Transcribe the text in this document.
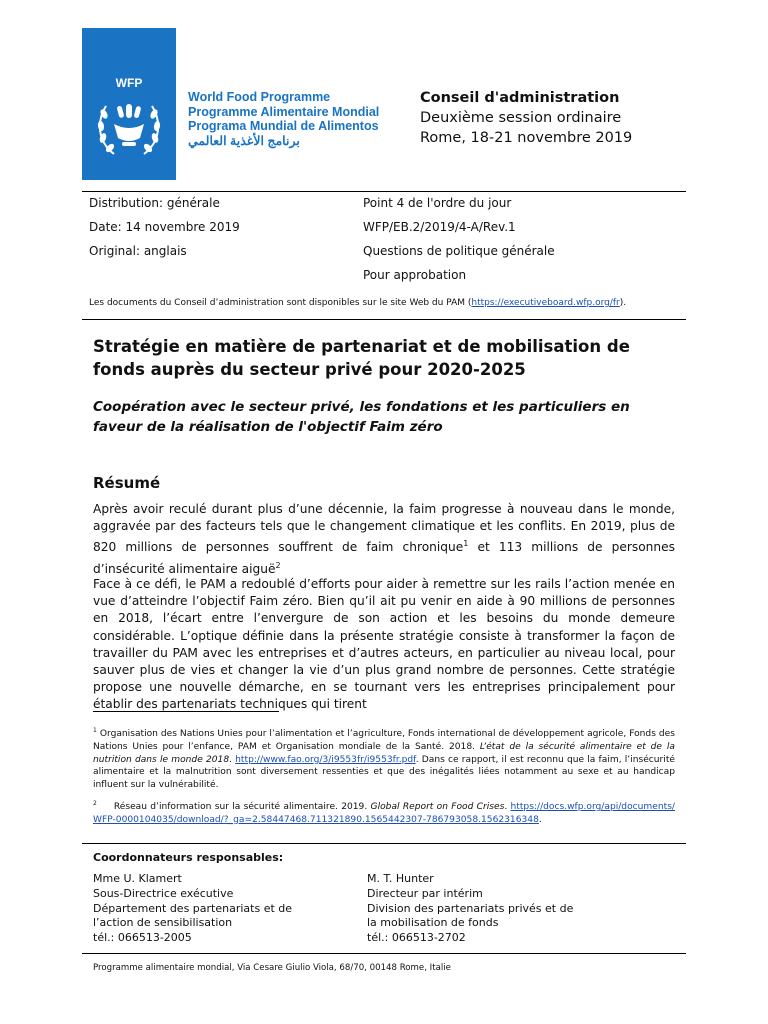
WFP
World Food Programme
Programme Alimentaire Mondial
Programa Mundial de Alimentos
برنامج الأغذية العالمي
Conseil d'administration
Deuxième session ordinaire
Rome, 18-21 novembre 2019
Distribution: générale
Date: 14 novembre 2019
Original: anglais
Point 4 de l'ordre du jour
WFP/EB.2/2019/4-A/Rev.1
Questions de politique générale
Pour approbation
Les documents du Conseil d’administration sont disponibles sur le site Web du PAM (https://executiveboard.wfp.org/fr).
Stratégie en matière de partenariat et de mobilisation de fonds auprès du secteur privé pour 2020-2025
Coopération avec le secteur privé, les fondations et les particuliers en faveur de la réalisation de l'objectif Faim zéro
Résumé
Après avoir reculé durant plus d’une décennie, la faim progresse à nouveau dans le monde, aggravée par des facteurs tels que le changement climatique et les conflits. En 2019, plus de 820 millions de personnes souffrent de faim chronique$^1$ et 113 millions de personnes d’insécurité alimentaire aiguë$^2$
Face à ce défi, le PAM a redoublé d’efforts pour aider à remettre sur les rails l’action menée en vue d’atteindre l’objectif Faim zéro. Bien qu’il ait pu venir en aide à 90 millions de personnes en 2018, l’écart entre l’envergure de son action et les besoins du monde demeure considérable. L’optique définie dans la présente stratégie consiste à transformer la façon de travailler du PAM avec les entreprises et d’autres acteurs, en particulier au niveau local, pour sauver plus de vies et changer la vie d’un plus grand nombre de personnes. Cette stratégie propose une nouvelle démarche, en se tournant vers les entreprises principalement pour établir des partenariats techniques qui tirent
$^1$ Organisation des Nations Unies pour l’alimentation et l’agriculture, Fonds international de développement agricole, Fonds des Nations Unies pour l’enfance, PAM et Organisation mondiale de la Santé. 2018. L’état de la sécurité alimentaire et de la nutrition dans le monde 2018. http://www.fao.org/3/i9553fr/i9553fr.pdf. Dans ce rapport, il est reconnu que la faim, l’insécurité alimentaire et la malnutrition sont diversement ressenties et que des inégalités liées notamment au sexe et au handicap influent sur la vulnérabilité.
$^2$ Réseau d’information sur la sécurité alimentaire. 2019. Global Report on Food Crises. https://docs.wfp.org/api/documents/WFP-0000104035/download/?_ga=2.58447468.711321890.1565442307-786793058.1562316348.
Coordonnateurs responsables:
Mme U. Klamert
Sous-Directrice exécutive
Département des partenariats et de
l’action de sensibilisation
tél.: 066513-2005
M. T. Hunter
Directeur par intérim
Division des partenariats privés et de
la mobilisation de fonds
tél.: 066513-2702
Programme alimentaire mondial, Via Cesare Giulio Viola, 68/70, 00148 Rome, Italie
